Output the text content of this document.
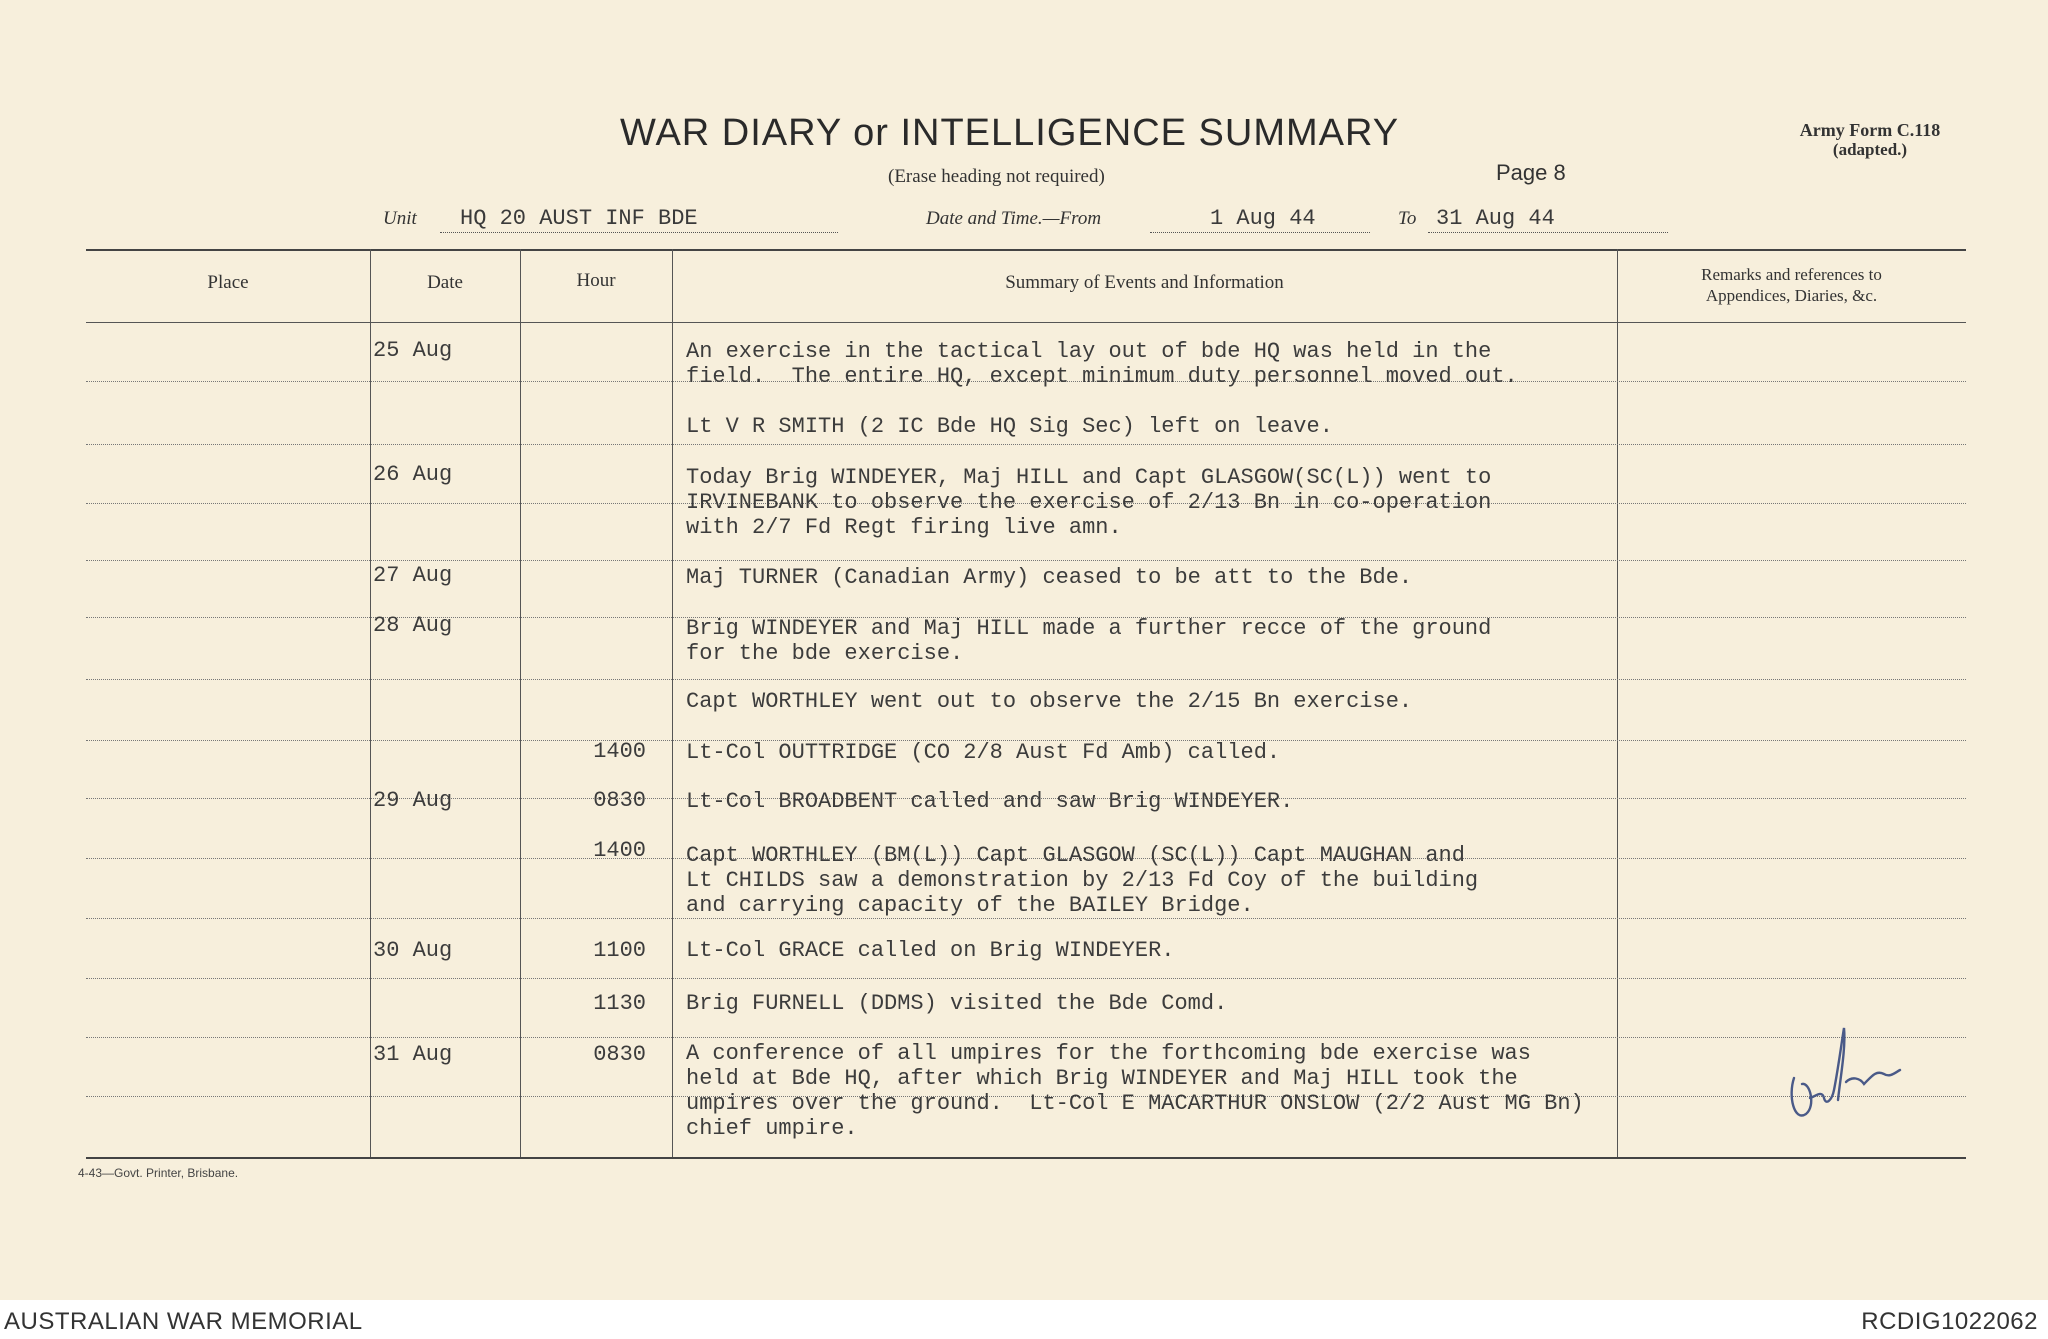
WAR DIARY or INTELLIGENCE SUMMARY
(Erase heading not required)
Army Form C.118
(adapted.)
Page 8
Unit HQ 20 AUST INF BDE	Date and Time.—From	1 Aug 44	To 31 Aug 44
Place	Date	Hour	Summary of Events and Information	Remarks and references to
Appendices, Diaries, &c.
25 Aug	An exercise in the tactical lay out of bde HQ was held in the
field.  The entire HQ, except minimum duty personnel moved out.
Lt V R SMITH (2 IC Bde HQ Sig Sec) left on leave.
26 Aug	Today Brig WINDEYER, Maj HILL and Capt GLASGOW(SC(L)) went to
IRVINEBANK to observe the exercise of 2/13 Bn in co-operation
with 2/7 Fd Regt firing live amn.
27 Aug	Maj TURNER (Canadian Army) ceased to be att to the Bde.
28 Aug	Brig WINDEYER and Maj HILL made a further recce of the ground
for the bde exercise.
Capt WORTHLEY went out to observe the 2/15 Bn exercise.
1400 Lt-Col OUTTRIDGE (CO 2/8 Aust Fd Amb) called.
29 Aug	0830 Lt-Col BROADBENT called and saw Brig WINDEYER.
1400 Capt WORTHLEY (BM(L)) Capt GLASGOW (SC(L)) Capt MAUGHAN and
Lt CHILDS saw a demonstration by 2/13 Fd Coy of the building
and carrying capacity of the BAILEY Bridge.
30 Aug	1100 Lt-Col GRACE called on Brig WINDEYER.
1130 Brig FURNELL (DDMS) visited the Bde Comd.
31 Aug	0830 A conference of all umpires for the forthcoming bde exercise was
held at Bde HQ, after which Brig WINDEYER and Maj HILL took the
umpires over the ground.  Lt-Col E MACARTHUR ONSLOW (2/2 Aust MG Bn)
chief umpire.
4-43—Govt. Printer, Brisbane.
AUSTRALIAN WAR MEMORIAL	RCDIG1022062
